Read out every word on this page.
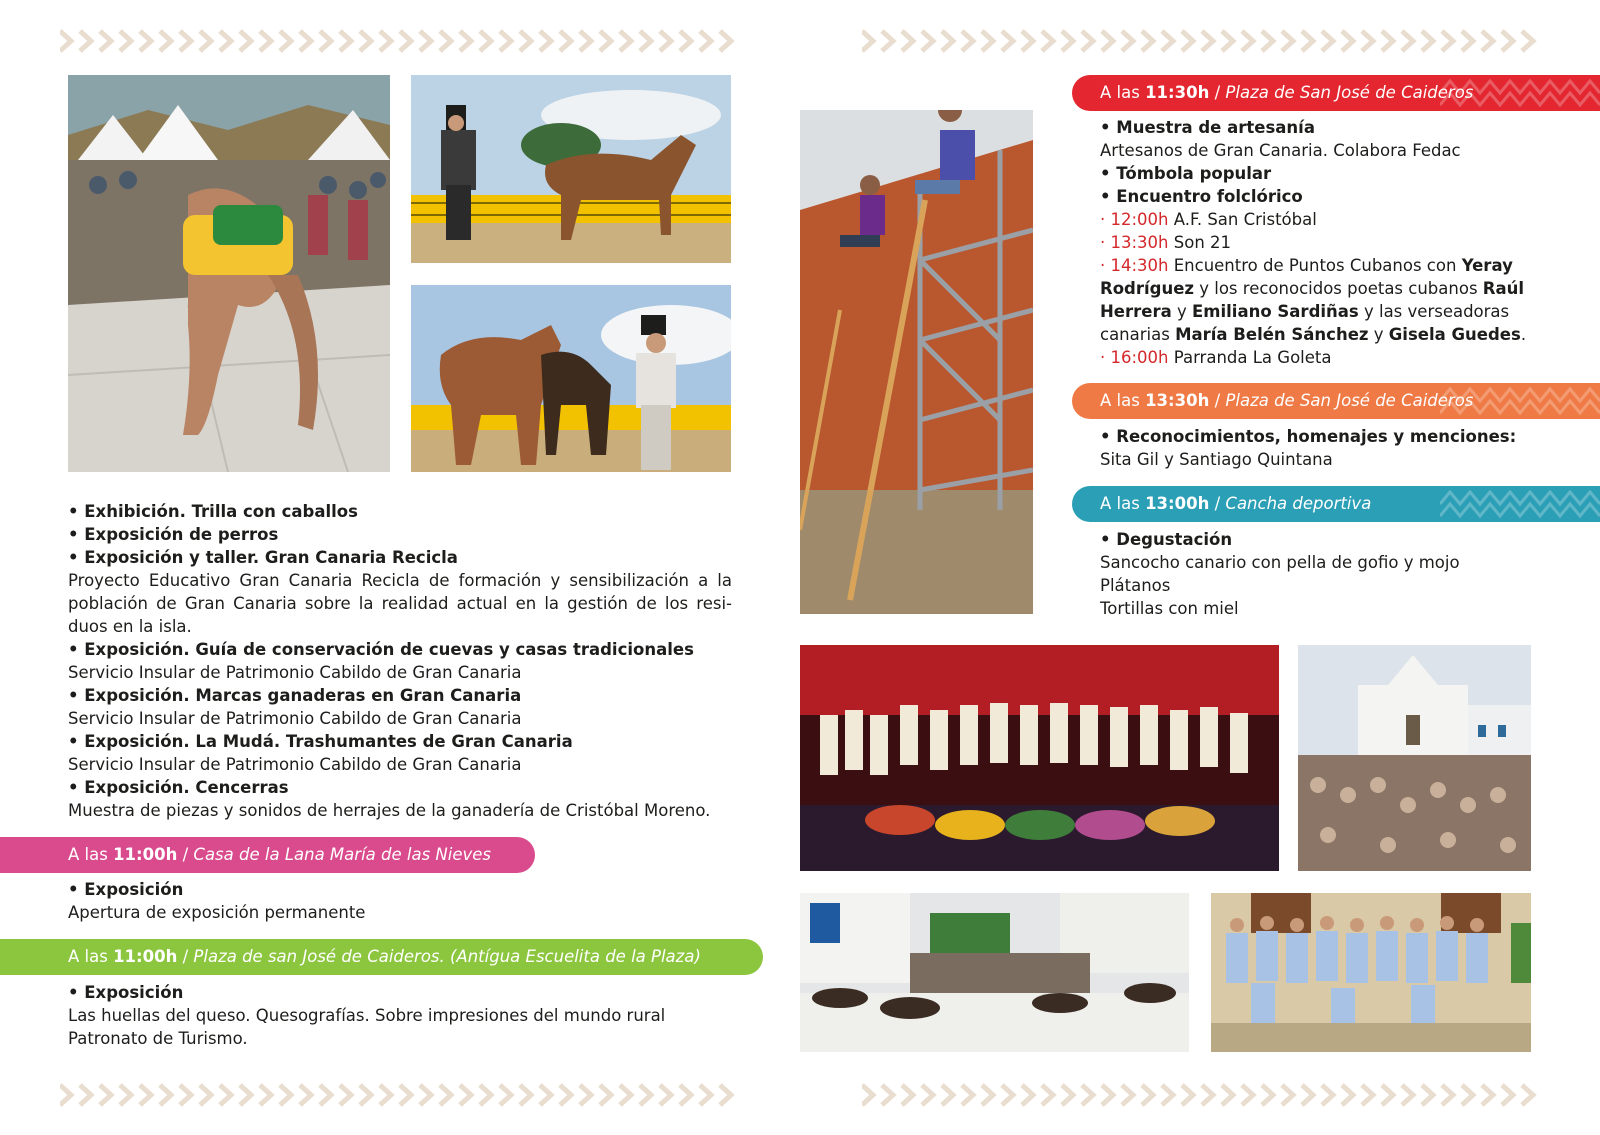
• Exhibición. Trilla con caballos

• Exposición de perros

• Exposición y taller. Gran Canaria Recicla

Proyecto Educativo Gran Canaria Recicla de formación y sensibilización a la población de Gran Canaria sobre la realidad actual en la gestión de los resi-duos en la isla.

• Exposición. Guía de conservación de cuevas y casas tradicionales

Servicio Insular de Patrimonio Cabildo de Gran Canaria

• Exposición. Marcas ganaderas en Gran Canaria

Servicio Insular de Patrimonio Cabildo de Gran Canaria

• Exposición. La Mudá. Trashumantes de Gran Canaria

Servicio Insular de Patrimonio Cabildo de Gran Canaria

• Exposición. Cencerras

Muestra de piezas y sonidos de herrajes de la ganadería de Cristóbal Moreno.

A las 11:00h / Casa de la Lana María de las Nieves

• Exposición

Apertura de exposición permanente

A las 11:00h / Plaza de san José de Caideros. (Antígua Escuelita de la Plaza)

• Exposición

Las huellas del queso. Quesografías. Sobre impresiones del mundo rural

Patronato de Turismo.

A las 11:30h / Plaza de San José de Caideros

• Muestra de artesanía

Artesanos de Gran Canaria. Colabora Fedac

• Tómbola popular

• Encuentro folclórico

· 12:00h A.F. San Cristóbal

· 13:30h Son 21

· 14:30h Encuentro de Puntos Cubanos con Yeray Rodríguez y los reconocidos poetas cubanos Raúl Herrera y Emiliano Sardiñas y las verseadoras canarias María Belén Sánchez y Gisela Guedes.

· 16:00h Parranda La Goleta

A las 13:30h / Plaza de San José de Caideros

• Reconocimientos, homenajes y menciones:

Sita Gil y Santiago Quintana

A las 13:00h / Cancha deportiva

• Degustación

Sancocho canario con pella de gofio y mojo

Plátanos

Tortillas con miel
